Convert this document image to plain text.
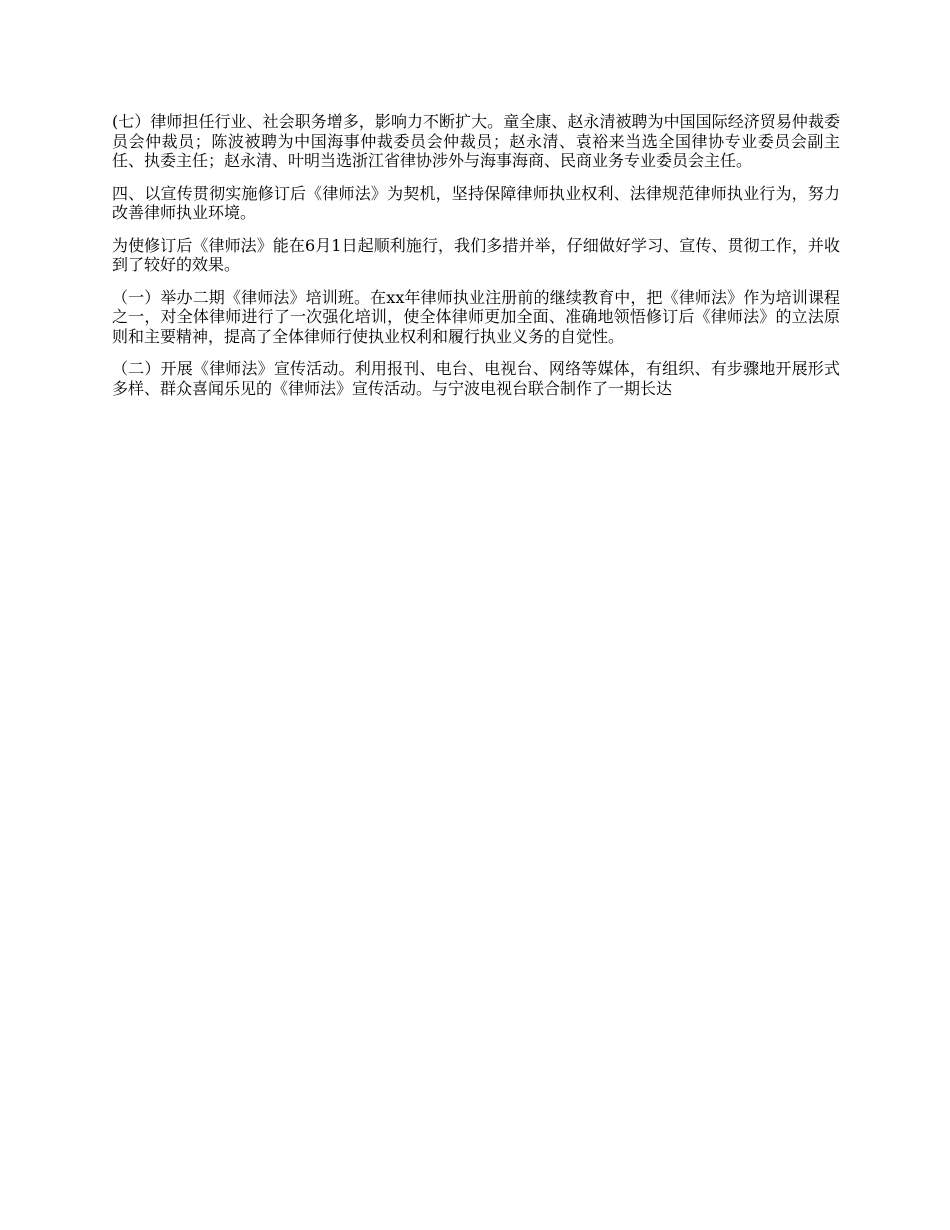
(七）律师担任行业、社会职务增多，影响力不断扩大。童全康、赵永清被聘为中国国际经济贸易仲裁委员会仲裁员；陈波被聘为中国海事仲裁委员会仲裁员；赵永清、袁裕来当选全国律协专业委员会副主任、执委主任；赵永清、叶明当选浙江省律协涉外与海事海商、民商业务专业委员会主任。

四、以宣传贯彻实施修订后《律师法》为契机，坚持保障律师执业权利、法律规范律师执业行为，努力改善律师执业环境。

为使修订后《律师法》能在6月1日起顺利施行，我们多措并举，仔细做好学习、宣传、贯彻工作，并收到了较好的效果。

（一）举办二期《律师法》培训班。在xx年律师执业注册前的继续教育中，把《律师法》作为培训课程之一，对全体律师进行了一次强化培训，使全体律师更加全面、准确地领悟修订后《律师法》的立法原则和主要精神，提高了全体律师行使执业权利和履行执业义务的自觉性。

（二）开展《律师法》宣传活动。利用报刊、电台、电视台、网络等媒体，有组织、有步骤地开展形式多样、群众喜闻乐见的《律师法》宣传活动。与宁波电视台联合制作了一期长达
